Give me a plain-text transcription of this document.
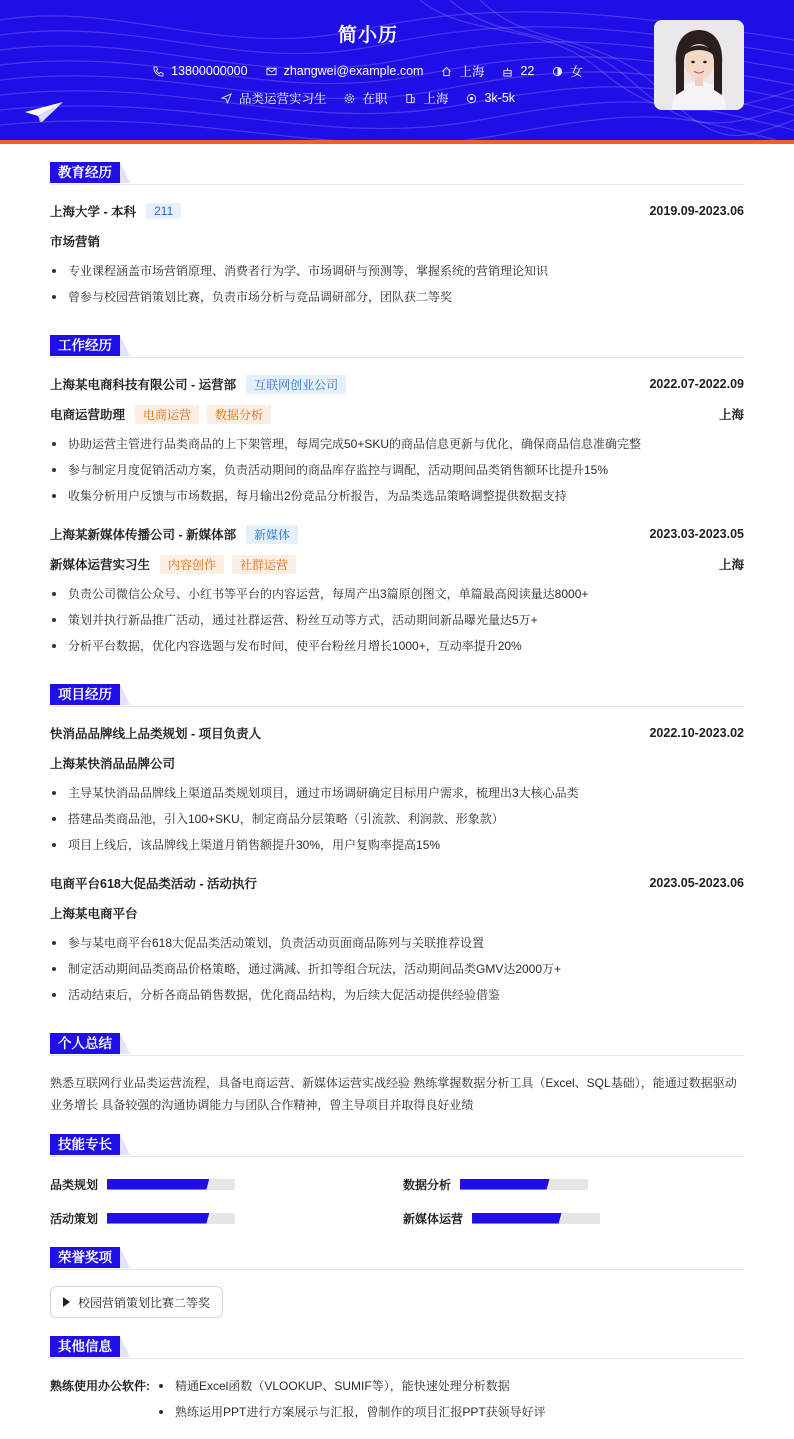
简小历
13800000000	zhangwei@example.com	上海	22	女
品类运营实习生	在职	上海	3k-5k
教育经历
上海大学 - 本科	211	2019.09-2023.06
市场营销
专业课程涵盖市场营销原理、消费者行为学、市场调研与预测等，掌握系统的营销理论知识
曾参与校园营销策划比赛，负责市场分析与竞品调研部分，团队获二等奖
工作经历
上海某电商科技有限公司 - 运营部	互联网创业公司	2022.07-2022.09
电商运营助理	电商运营	数据分析	上海
协助运营主管进行品类商品的上下架管理，每周完成50+SKU的商品信息更新与优化，确保商品信息准确完整
参与制定月度促销活动方案，负责活动期间的商品库存监控与调配，活动期间品类销售额环比提升15%
收集分析用户反馈与市场数据，每月输出2份竞品分析报告，为品类选品策略调整提供数据支持
上海某新媒体传播公司 - 新媒体部	新媒体	2023.03-2023.05
新媒体运营实习生	内容创作	社群运营	上海
负责公司微信公众号、小红书等平台的内容运营，每周产出3篇原创图文，单篇最高阅读量达8000+
策划并执行新品推广活动，通过社群运营、粉丝互动等方式，活动期间新品曝光量达5万+
分析平台数据，优化内容选题与发布时间，使平台粉丝月增长1000+，互动率提升20%
项目经历
快消品品牌线上品类规划 - 项目负责人	2022.10-2023.02
上海某快消品品牌公司
主导某快消品品牌线上渠道品类规划项目，通过市场调研确定目标用户需求，梳理出3大核心品类
搭建品类商品池，引入100+SKU，制定商品分层策略（引流款、利润款、形象款）
项目上线后，该品牌线上渠道月销售额提升30%，用户复购率提高15%
电商平台618大促品类活动 - 活动执行	2023.05-2023.06
上海某电商平台
参与某电商平台618大促品类活动策划，负责活动页面商品陈列与关联推荐设置
制定活动期间品类商品价格策略，通过满减、折扣等组合玩法，活动期间品类GMV达2000万+
活动结束后，分析各商品销售数据，优化商品结构，为后续大促活动提供经验借鉴
个人总结
熟悉互联网行业品类运营流程，具备电商运营、新媒体运营实战经验 熟练掌握数据分析工具（Excel、SQL基础），能通过数据驱动业务增长 具备较强的沟通协调能力与团队合作精神，曾主导项目并取得良好业绩
技能专长
品类规划	数据分析
活动策划	新媒体运营
荣誉奖项
校园营销策划比赛二等奖
其他信息
熟练使用办公软件:	精通Excel函数（VLOOKUP、SUMIF等），能快速处理分析数据
熟练运用PPT进行方案展示与汇报，曾制作的项目汇报PPT获领导好评
